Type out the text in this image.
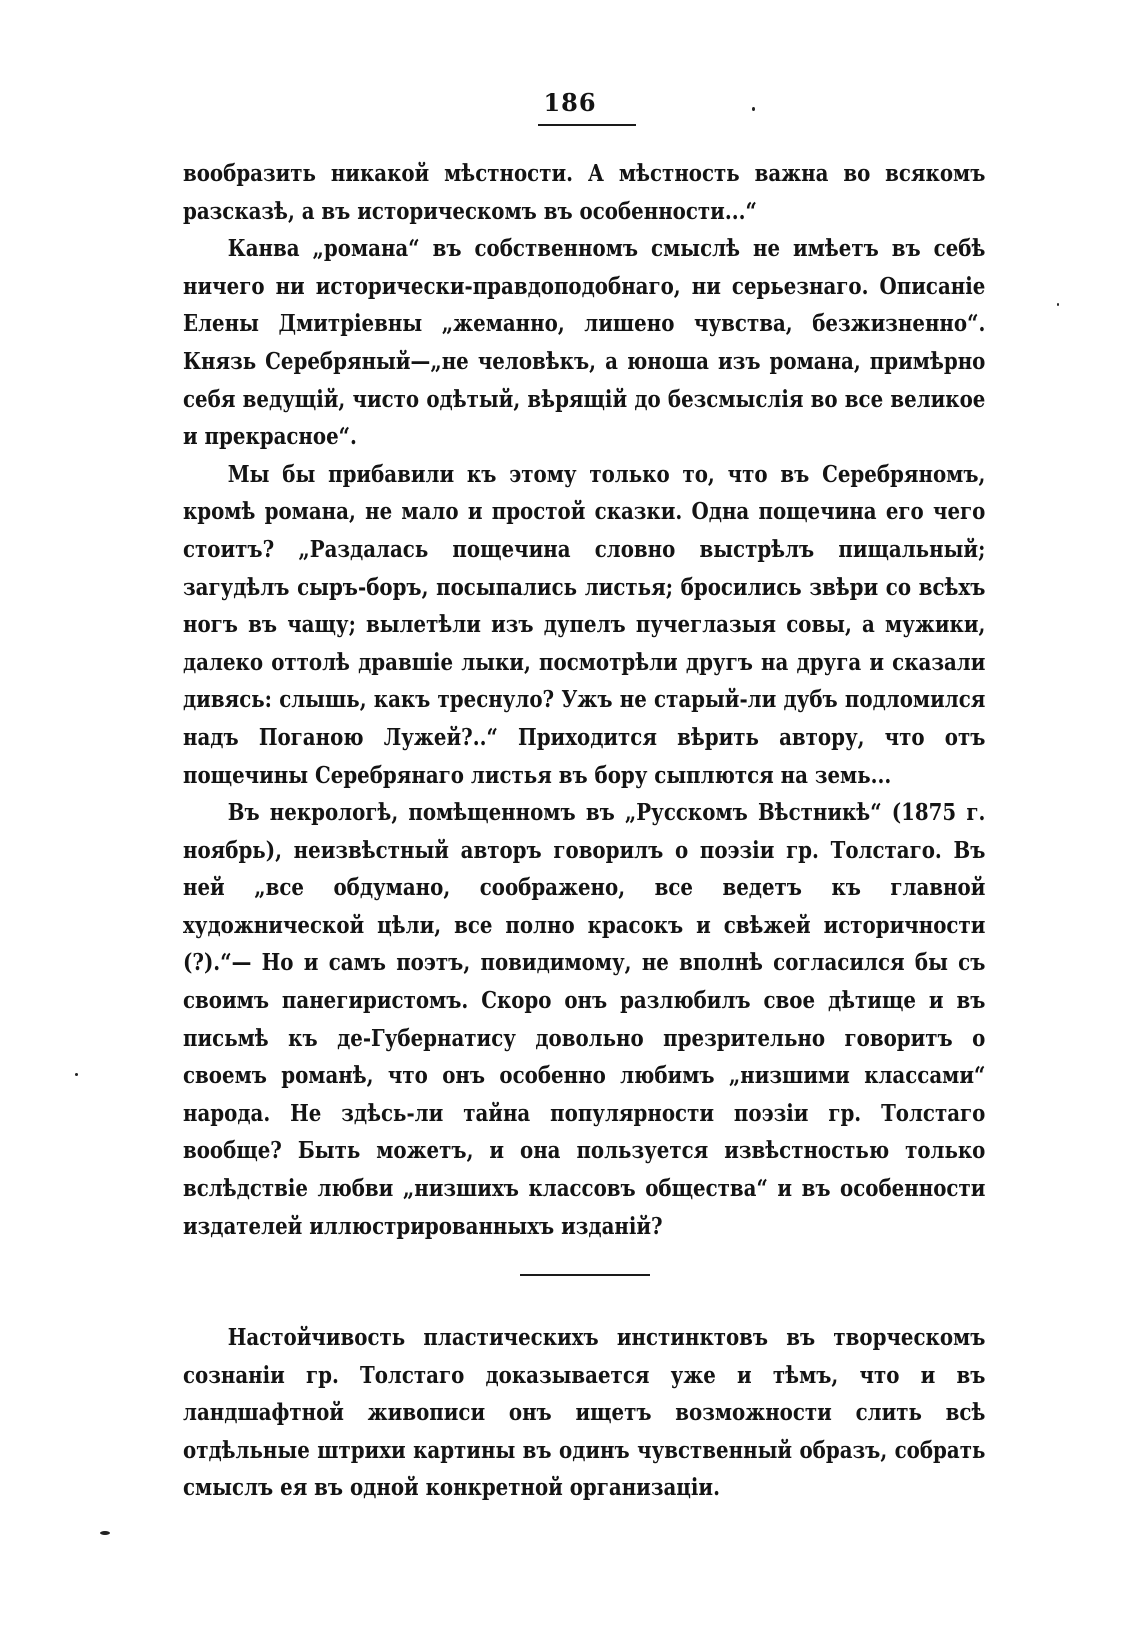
186

вообразить никакой мѣстности. А мѣстность важна во всякомъ разсказѣ, а въ историческомъ въ особенности...“

Канва „романа“ въ собственномъ смыслѣ не имѣетъ въ себѣ ничего ни исторически-правдоподобнаго, ни серьезнаго. Описаніе Елены Дмитріевны „жеманно, лишено чувства, безжизненно“. Князь Серебряный—„не человѣкъ, а юноша изъ романа, примѣрно себя ведущій, чисто одѣтый, вѣрящій до безсмыслія во все великое и прекрасное“.

Мы бы прибавили къ этому только то, что въ Серебряномъ, кромѣ романа, не мало и простой сказки. Одна пощечина его чего стоитъ? „Раздалась пощечина словно выстрѣлъ пищальный; загудѣлъ сыръ-боръ, посыпались листья; бросились звѣри со всѣхъ ногъ въ чащу; вылетѣли изъ дупелъ пучеглазыя совы, а мужики, далеко оттолѣ дравшіе лыки, посмотрѣли другъ на друга и сказали дивясь: слышь, какъ треснуло? Ужъ не старый-ли дубъ подломился надъ Поганою Лужей?..“ Приходится вѣрить автору, что отъ пощечины Серебрянаго листья въ бору сыплются на земь...

Въ некрологѣ, помѣщенномъ въ „Русскомъ Вѣстникѣ“ (1875 г. ноябрь), неизвѣстный авторъ говорилъ о поэзіи гр. Толстаго. Въ ней „все обдумано, соображено, все ведетъ къ главной художнической цѣли, все полно красокъ и свѣжей историчности (?).“— Но и самъ поэтъ, повидимому, не вполнѣ согласился бы съ своимъ панегиристомъ. Скоро онъ разлюбилъ свое дѣтище и въ письмѣ къ де-Губернатису довольно презрительно говоритъ о своемъ романѣ, что онъ особенно любимъ „низшими классами“ народа. Не здѣсь-ли тайна популярности поэзіи гр. Толстаго вообще? Быть можетъ, и она пользуется извѣстностью только вслѣдствіе любви „низшихъ классовъ общества“ и въ особенности издателей иллюстрированныхъ изданій?

Настойчивость пластическихъ инстинктовъ въ творческомъ сознаніи гр. Толстаго доказывается уже и тѣмъ, что и въ ландшафтной живописи онъ ищетъ возможности слить всѣ отдѣльные штрихи картины въ одинъ чувственный образъ, собрать смыслъ ея въ одной конкретной организаціи.
